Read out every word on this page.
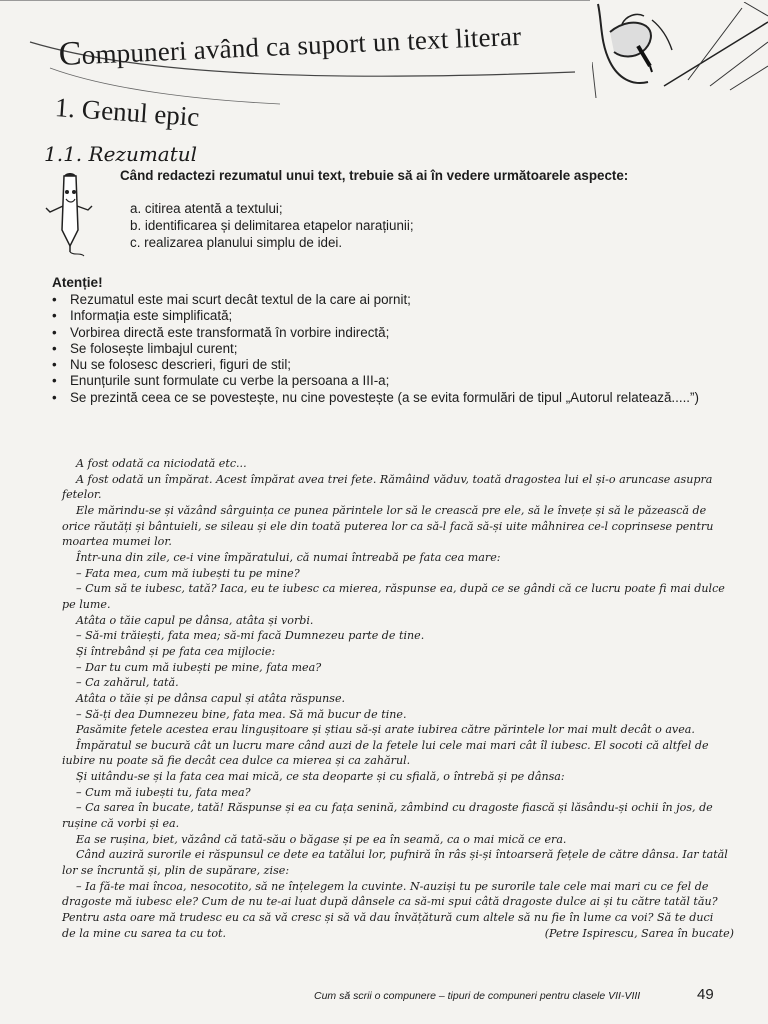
Compuneri având ca suport un text literar
1. Genul epic
1.1. Rezumatul
Când redactezi rezumatul unui text, trebuie să ai în vedere următoarele aspecte:
a. citirea atentă a textului;
b. identificarea și delimitarea etapelor narațiunii;
c. realizarea planului simplu de idei.
Atenție!
• Rezumatul este mai scurt decât textul de la care ai pornit;
• Informația este simplificată;
• Vorbirea directă este transformată în vorbire indirectă;
• Se folosește limbajul curent;
• Nu se folosesc descrieri, figuri de stil;
• Enunțurile sunt formulate cu verbe la persoana a III-a;
• Se prezintă ceea ce se povestește, nu cine povestește (a se evita formulări de tipul „Autorul relatează.....”)

A fost odată ca niciodată etc...

A fost odată un împărat. Acest împărat avea trei fete. Rămâind văduv, toată dragostea lui el și-o aruncase asupra fetelor.

Ele mărindu-se și văzând sârguința ce punea părintele lor să le crească pre ele, să le învețe și să le păzească de orice răutăți și bântuieli, se sileau și ele din toată puterea lor ca să-l facă să-și uite mâhnirea ce-l coprinsese pentru moartea mumei lor.

Într-una din zile, ce-i vine împăratului, că numai întreabă pe fata cea mare:

– Fata mea, cum mă iubești tu pe mine?

– Cum să te iubesc, tată? Iaca, eu te iubesc ca mierea, răspunse ea, după ce se gândi că ce lucru poate fi mai dulce pe lume.

Atâta o tăie capul pe dânsa, atâta și vorbi.

– Să-mi trăiești, fata mea; să-mi facă Dumnezeu parte de tine.

Și întrebând și pe fata cea mijlocie:

– Dar tu cum mă iubești pe mine, fata mea?

– Ca zahărul, tată.

Atâta o tăie și pe dânsa capul și atâta răspunse.

– Să-ți dea Dumnezeu bine, fata mea. Să mă bucur de tine.

Pasămite fetele acestea erau lingușitoare și știau să-și arate iubirea către părintele lor mai mult decât o avea.

Împăratul se bucură cât un lucru mare când auzi de la fetele lui cele mai mari cât îl iubesc. El socoti că altfel de iubire nu poate să fie decât cea dulce ca mierea și ca zahărul.

Și uitându-se și la fata cea mai mică, ce sta deoparte și cu sfială, o întrebă și pe dânsa:

– Cum mă iubești tu, fata mea?

– Ca sarea în bucate, tată! Răspunse și ea cu fața senină, zâmbind cu dragoste fiască și lăsându-și ochii în jos, de rușine că vorbi și ea.

Ea se rușina, biet, văzând că tată-său o băgase și pe ea în seamă, ca o mai mică ce era.

Când auziră surorile ei răspunsul ce dete ea tatălui lor, pufniră în râs și-și întoarseră fețele de către dânsa. Iar tatăl lor se încruntă și, plin de supărare, zise:

– Ia fă-te mai încoa, nesocotito, să ne înțelegem la cuvinte. N-auziși tu pe surorile tale cele mai mari cu ce fel de dragoste mă iubesc ele? Cum de nu te-ai luat după dânsele ca să-mi spui câtă dragoste dulce ai și tu către tatăl tău? Pentru asta oare mă trudesc eu ca să vă cresc și să vă dau învățătură cum altele să nu fie în lume ca voi? Să te duci de la mine cu sarea ta cu tot.	(Petre Ispirescu, Sarea în bucate)

Cum să scrii o compunere – tipuri de compuneri pentru clasele VII-VIII	49
